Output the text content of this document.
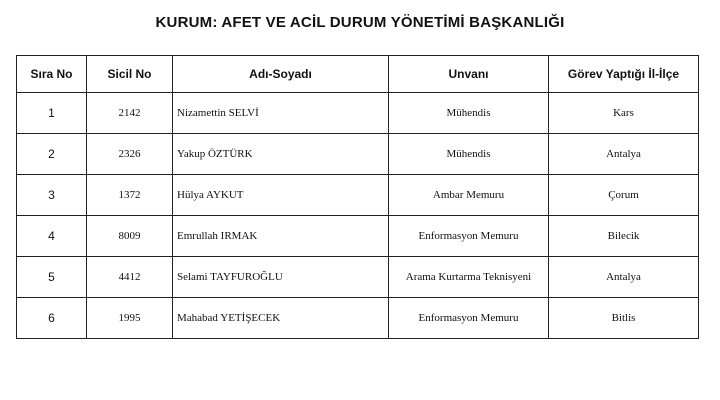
KURUM: AFET VE ACİL DURUM YÖNETİMİ BAŞKANLIĞI
Sıra No	Sicil No	Adı-Soyadı	Unvanı	Görev Yaptığı İl-İlçe
1	2142	Nizamettin SELVİ	Mühendis	Kars
2	2326	Yakup ÖZTÜRK	Mühendis	Antalya
3	1372	Hülya AYKUT	Ambar Memuru	Çorum
4	8009	Emrullah IRMAK	Enformasyon Memuru	Bilecik
5	4412	Selami TAYFUROĞLU	Arama Kurtarma Teknisyeni	Antalya
6	1995	Mahabad YETİŞECEK	Enformasyon Memuru	Bitlis
